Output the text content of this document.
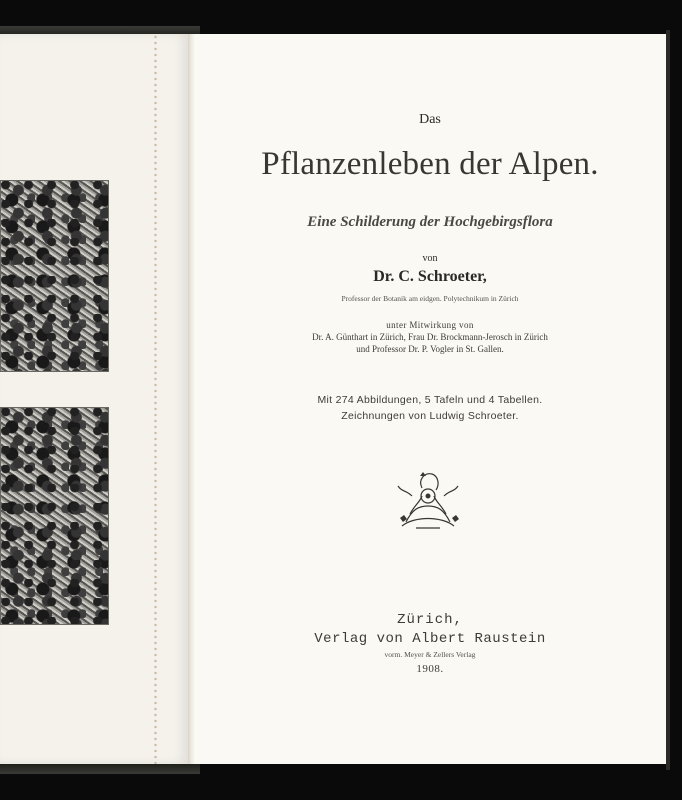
Das
Pflanzenleben der Alpen.
Eine Schilderung der Hochgebirgsflora
von
Dr. C. Schroeter,
Professor der Botanik am eidgen. Polytechnikum in Zürich
unter Mitwirkung von
Dr. A. Günthart in Zürich, Frau Dr. Brockmann-Jerosch in Zürich
und Professor Dr. P. Vogler in St. Gallen.
Mit 274 Abbildungen, 5 Tafeln und 4 Tabellen.
Zeichnungen von Ludwig Schroeter.
Zürich,
Verlag von Albert Raustein
vorm. Meyer & Zellers Verlag
1908.
